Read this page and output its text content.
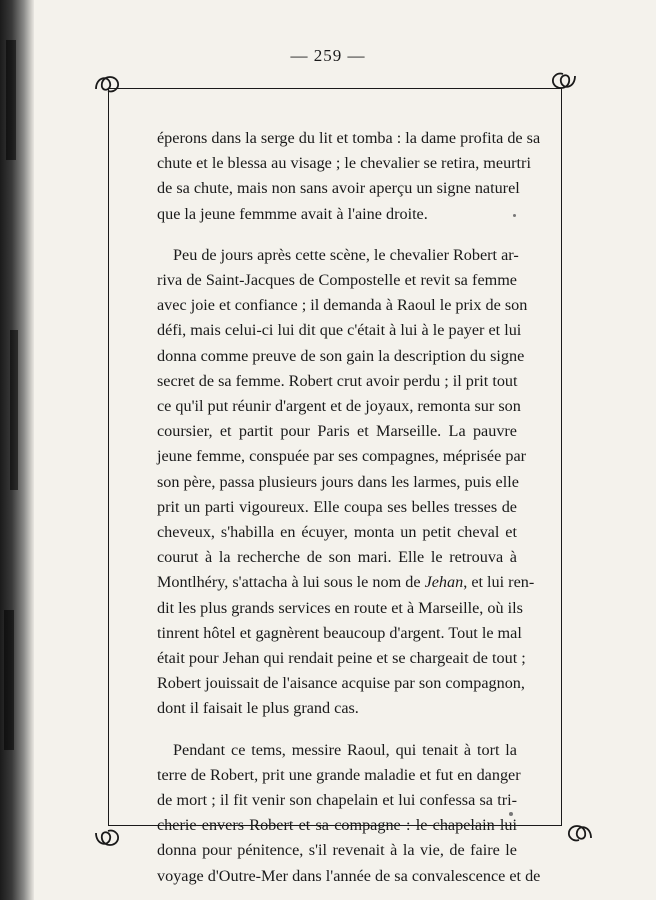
— 259 —
éperons dans la serge du lit et tomba : la dame profita de sa
chute et le blessa au visage ; le chevalier se retira, meurtri
de sa chute, mais non sans avoir aperçu un signe naturel
que la jeune femmme avait à l'aine droite.
Peu de jours après cette scène, le chevalier Robert ar-
riva de Saint-Jacques de Compostelle et revit sa femme
avec joie et confiance ; il demanda à Raoul le prix de son
défi, mais celui-ci lui dit que c'était à lui à le payer et lui
donna comme preuve de son gain la description du signe
secret de sa femme. Robert crut avoir perdu ; il prit tout
ce qu'il put réunir d'argent et de joyaux, remonta sur son
coursier, et partit pour Paris et Marseille. La pauvre
jeune femme, conspuée par ses compagnes, méprisée par
son père, passa plusieurs jours dans les larmes, puis elle
prit un parti vigoureux. Elle coupa ses belles tresses de
cheveux, s'habilla en écuyer, monta un petit cheval et
courut à la recherche de son mari. Elle le retrouva à
Montlhéry, s'attacha à lui sous le nom de Jehan, et lui ren-
dit les plus grands services en route et à Marseille, où ils
tinrent hôtel et gagnèrent beaucoup d'argent. Tout le mal
était pour Jehan qui rendait peine et se chargeait de tout ;
Robert jouissait de l'aisance acquise par son compagnon,
dont il faisait le plus grand cas.
Pendant ce tems, messire Raoul, qui tenait à tort la
terre de Robert, prit une grande maladie et fut en danger
de mort ; il fit venir son chapelain et lui confessa sa tri-
cherie envers Robert et sa compagne : le chapelain lui
donna pour pénitence, s'il revenait à la vie, de faire le
voyage d'Outre-Mer dans l'année de sa convalescence et de
